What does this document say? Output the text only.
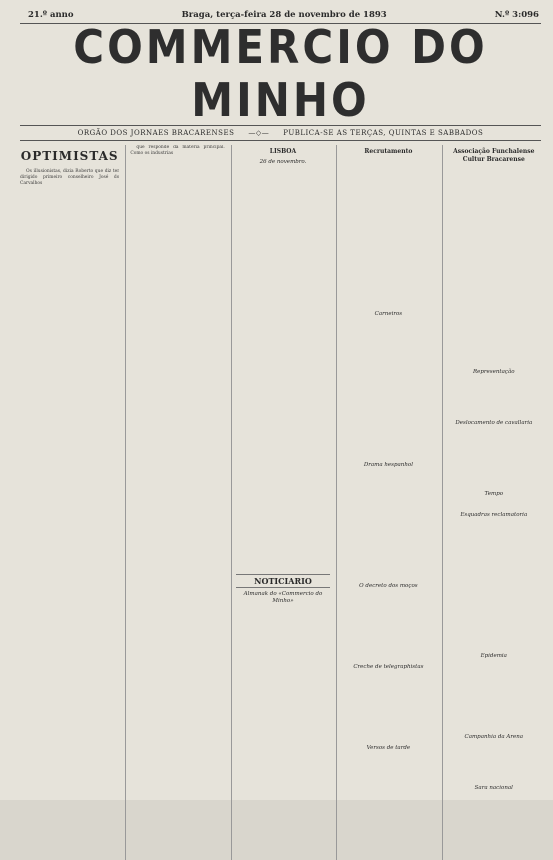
21.º anno	Braga, terça-feira 28 de novembro de 1893	N.º 3:096
COMMERCIO DO MINHO
ORGÃO DOS JORNAES BRACARENSES —◇— PUBLICA-SE AS TERÇAS, QUINTAS E SABBADOS
OPTIMISTAS

Os illusionistas, dizia Roberto que diz ter dirigido primeiro conselheiro José do Carvalhos

que responde da materia principal. Como os industrias	LISBOA
26 de novembro.
NOTICIARIO
Almanak do «Commercio do Minho»
Recrutamento
Carneiros
Drama hespanhol
O decreto dos moços
Creche de telegraphistas
Versos de tarde
Associação Funchalense Cultur Bracarense
Representação
Deslocamento de cavallaria
Tempo
Esquadras reclamatoria
Epidemia
Campanhia da Arena
Sara nacional
